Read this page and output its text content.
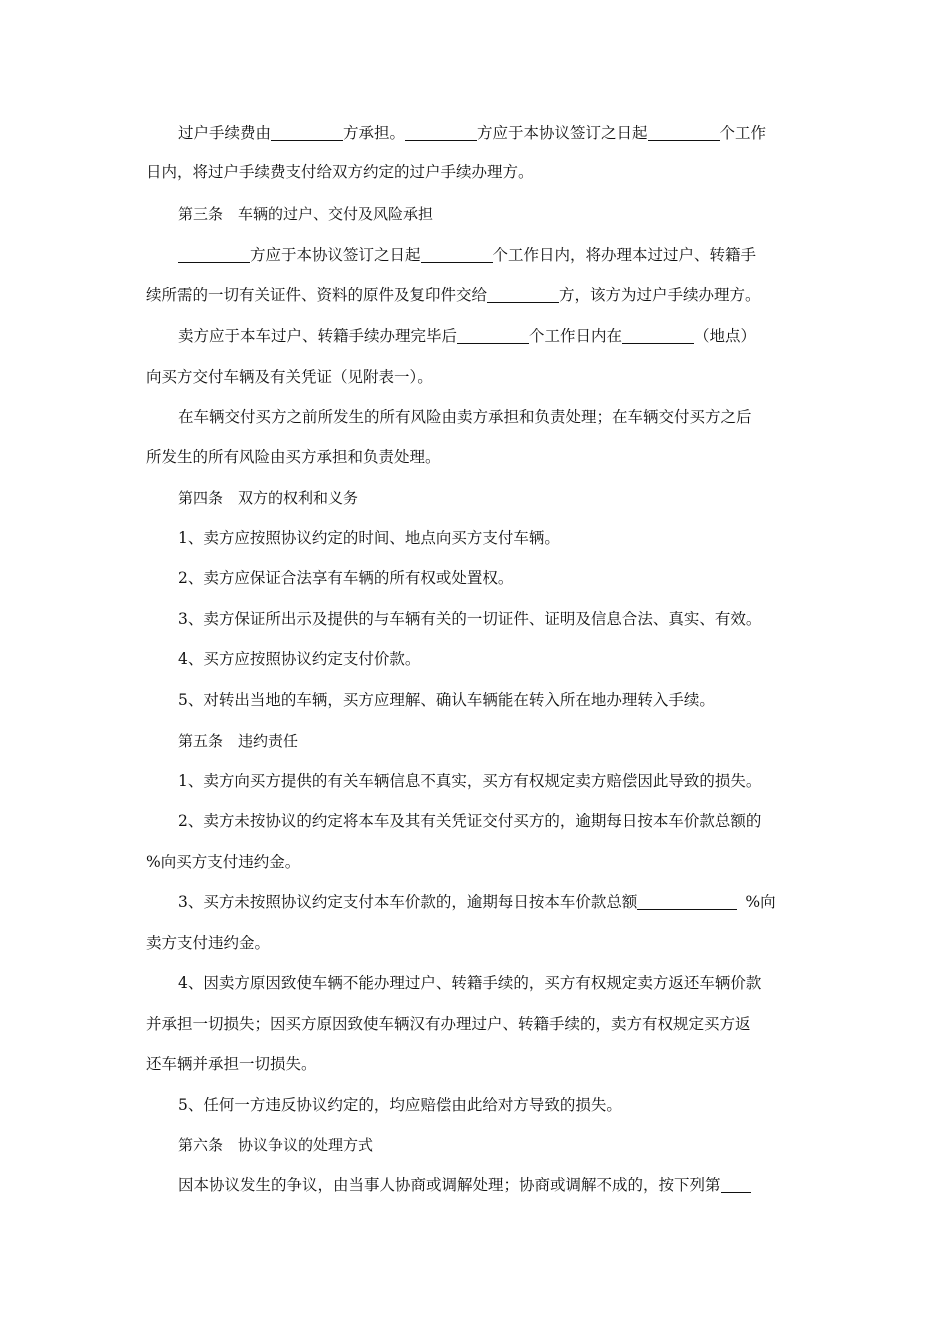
过户手续费由	方承担。	方应于本协议签订之日起	个工作
日内，将过户手续费支付给双方约定的过户手续办理方。
第三条　车辆的过户、交付及风险承担
方应于本协议签订之日起	个工作日内，将办理本过过户、转籍手
续所需的一切有关证件、资料的原件及复印件交给	方，该方为过户手续办理方。
卖方应于本车过户、转籍手续办理完毕后	个工作日内在	（地点）
向买方交付车辆及有关凭证（见附表一）。
在车辆交付买方之前所发生的所有风险由卖方承担和负责处理；在车辆交付买方之后
所发生的所有风险由买方承担和负责处理。
第四条　双方的权利和义务
1、卖方应按照协议约定的时间、地点向买方支付车辆。
2、卖方应保证合法享有车辆的所有权或处置权。
3、卖方保证所出示及提供的与车辆有关的一切证件、证明及信息合法、真实、有效。
4、买方应按照协议约定支付价款。
5、对转出当地的车辆，买方应理解、确认车辆能在转入所在地办理转入手续。
第五条　违约责任
1、卖方向买方提供的有关车辆信息不真实，买方有权规定卖方赔偿因此导致的损失。
2、卖方未按协议的约定将本车及其有关凭证交付买方的，逾期每日按本车价款总额的
%向买方支付违约金。
3、买方未按照协议约定支付本车价款的，逾期每日按本车价款总额	%向
卖方支付违约金。
4、因卖方原因致使车辆不能办理过户、转籍手续的，买方有权规定卖方返还车辆价款
并承担一切损失；因买方原因致使车辆汉有办理过户、转籍手续的，卖方有权规定买方返
还车辆并承担一切损失。
5、任何一方违反协议约定的，均应赔偿由此给对方导致的损失。
第六条　协议争议的处理方式
因本协议发生的争议，由当事人协商或调解处理；协商或调解不成的，按下列第
